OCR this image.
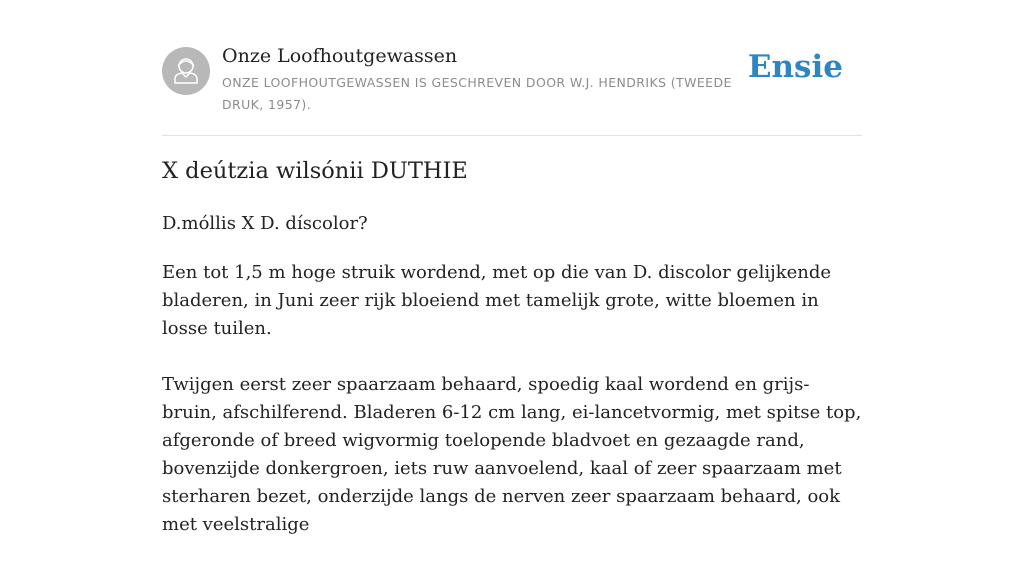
Onze Loofhoutgewassen
ONZE LOOFHOUTGEWASSEN IS GESCHREVEN DOOR W.J. HENDRIKS (TWEEDE DRUK, 1957).
Ensie
X deútzia wilsónii DUTHIE
D.móllis X D. díscolor?

Een tot 1,5 m hoge struik wordend, met op die van D. discolor gelijkende bladeren, in Juni zeer rijk bloeiend met tamelijk grote, witte bloemen in losse tuilen.

Twijgen eerst zeer spaarzaam behaard, spoedig kaal wordend en grijs-bruin, afschilferend. Bladeren 6-12 cm lang, ei-lancetvormig, met spitse top, afgeronde of breed wigvormig toelopende bladvoet en gezaagde rand, bovenzijde donkergroen, iets ruw aanvoelend, kaal of zeer spaarzaam met sterharen bezet, onderzijde langs de nerven zeer spaarzaam behaard, ook met veelstralige
